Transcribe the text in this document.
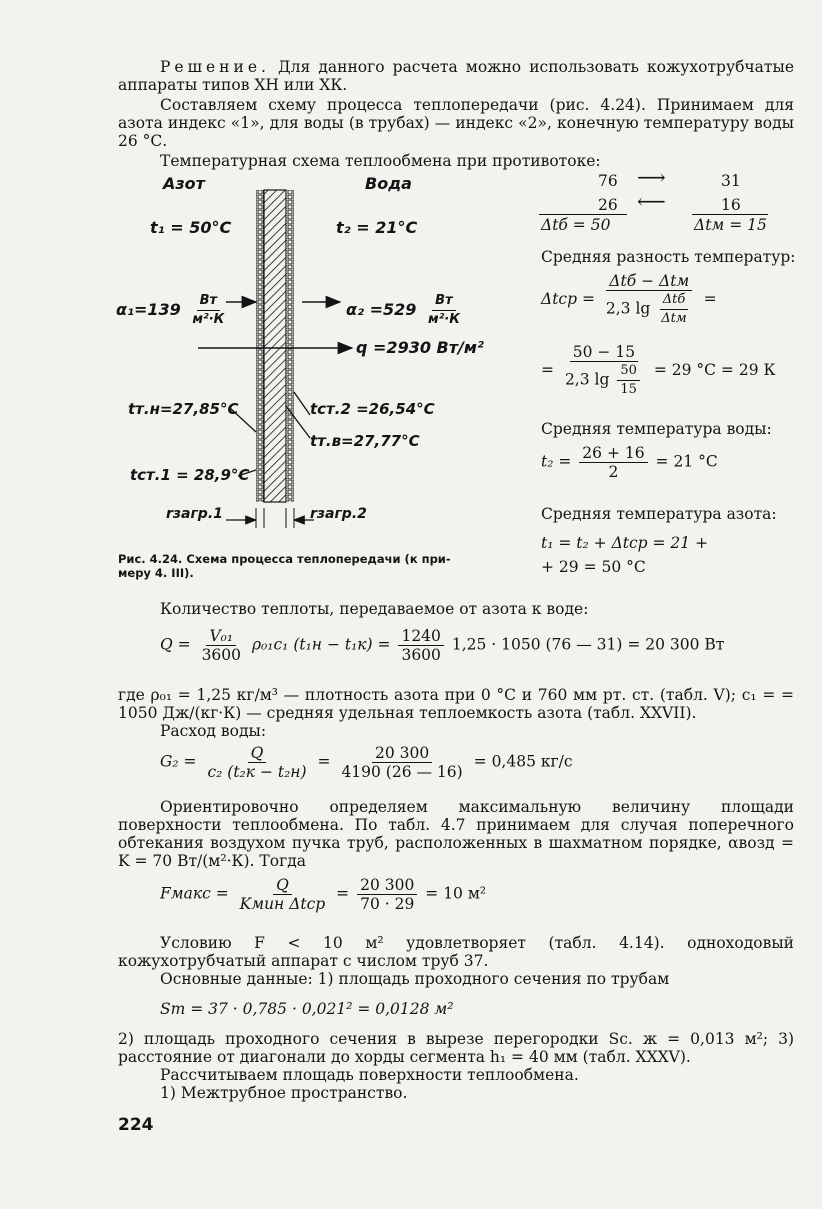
Решение. Для данного расчета можно использовать кожухотрубчатые аппараты типов ХН или ХК.
Составляем схему процесса теплопередачи (рис. 4.24). Принимаем для азота индекс «1», для воды (в трубах) — индекс «2», конечную температуру воды 26 °С.
Температурная схема теплообмена при противотоке:
76 ⟶	31
26 ⟵	16
Δtб = 50	Δtм = 15
Средняя разность температур:
$\Delta tср = \frac{\text{Δtб − Δtм}}{2,3 \lg \frac{\text{Δtб}}{\text{Δtм}}}$ =
= $\frac{50 - 15}{2,3 \lg \frac{50}{15}} = 29$ °С = 29 К
Средняя температура воды:
$t_2 = \frac{26 + 16}{2} = 21$ °С
Средняя температура азота:
t₁ = t₂ + Δtср = 21 +
+ 29 = 50 °С
Азот	Вода
t₁ = 50°C	t₂ = 21°C
$\alpha_1=139 \frac{Вт}{\text{м²·К}}$	$\alpha_2 =529 \frac{Вт}{\text{м²·К}}$
q =2930 Вт/м²
tт.н=27,85°C	tст.2 =26,54°C
tт.в=27,77°C
tст.1 = 28,9°C
rзагр.1	rзагр.2
Рис. 4.24. Схема процесса теплопередачи (к при-
меру 4. III).
Количество теплоты, передаваемое от азота к воде:
$Q = \frac{\text{V₀₁}}{3600} \rho_{01}c_1$ $(t_1н - t_1к) = \frac{1240}{3600} 1,25 \cdot 1050$ (76 — 31) = 20 300 Вт
где ρ₀₁ = 1,25 кг/м³ — плотность азота при 0 °С и 760 мм рт. ст. (табл. V); c₁ = = 1050 Дж/(кг·К) — средняя удельная теплоемкость азота (табл. XXVII).
Расход воды:
$G_2 = \frac{Q}{\text{c₂ (t₂к − t₂н)}} = \frac{20 300}{4190 (26 — 16)} = 0,485$ кг/с
Ориентировочно определяем максимальную величину площади поверхности теплообмена. По табл. 4.7 принимаем для случая поперечного обтекания воздухом пучка труб, расположенных в шахматном порядке, αвозд = K = 70 Вт/(м²·К). Тогда
Fмакс = $\frac{Q}{\text{Kмин Δtср}} = \frac{20 300}{70 \cdot 29} = 10$ м²
Условию F < 10 м² удовлетворяет (табл. 4.14). одноходовый кожухотрубчатый аппарат с числом труб 37.
Основные данные: 1) площадь проходного сечения по трубам
Sт = 37 · 0,785 · 0,021² = 0,0128 м²
2) площадь проходного сечения в вырезе перегородки Sс. ж = 0,013 м²; 3) расстояние от диагонали до хорды сегмента h₁ = 40 мм (табл. XXXV).
Рассчитываем площадь поверхности теплообмена.
1) Межтрубное пространство.
224
